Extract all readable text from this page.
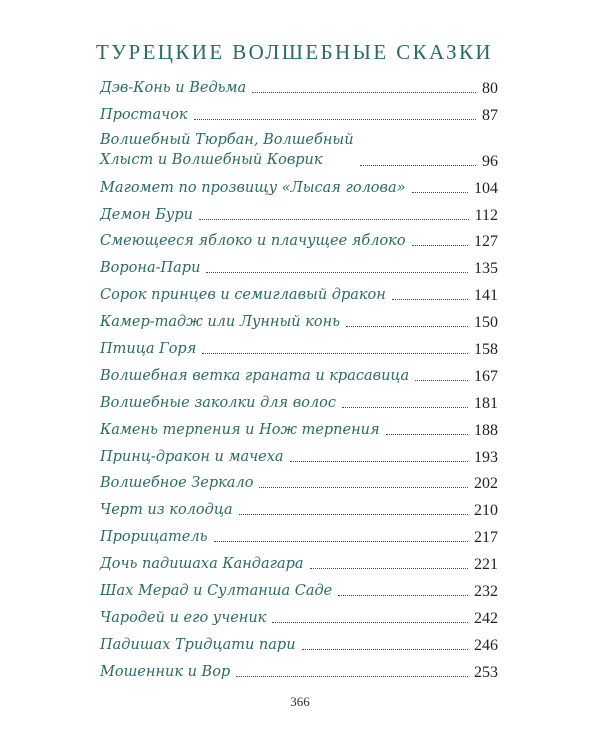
ТУРЕЦКИЕ ВОЛШЕБНЫЕ СКАЗКИ
Дэв-Конь и Ведьма	80
Простачок	87
Волшебный Тюрбан, Волшебный
Хлыст и Волшебный Коврик	96
Магомет по прозвищу «Лысая голова»	104
Демон Бури	112
Смеющееся яблоко и плачущее яблоко	127
Ворона-Пари	135
Сорок принцев и семиглавый дракон	141
Камер-тадж или Лунный конь	150
Птица Горя	158
Волшебная ветка граната и красавица	167
Волшебные заколки для волос	181
Камень терпения и Нож терпения	188
Принц-дракон и мачеха	193
Волшебное Зеркало	202
Черт из колодца	210
Прорицатель	217
Дочь падишаха Кандагара	221
Шах Мерад и Султанша Саде	232
Чародей и его ученик	242
Падишах Тридцати пари	246
Мошенник и Вор	253
366
